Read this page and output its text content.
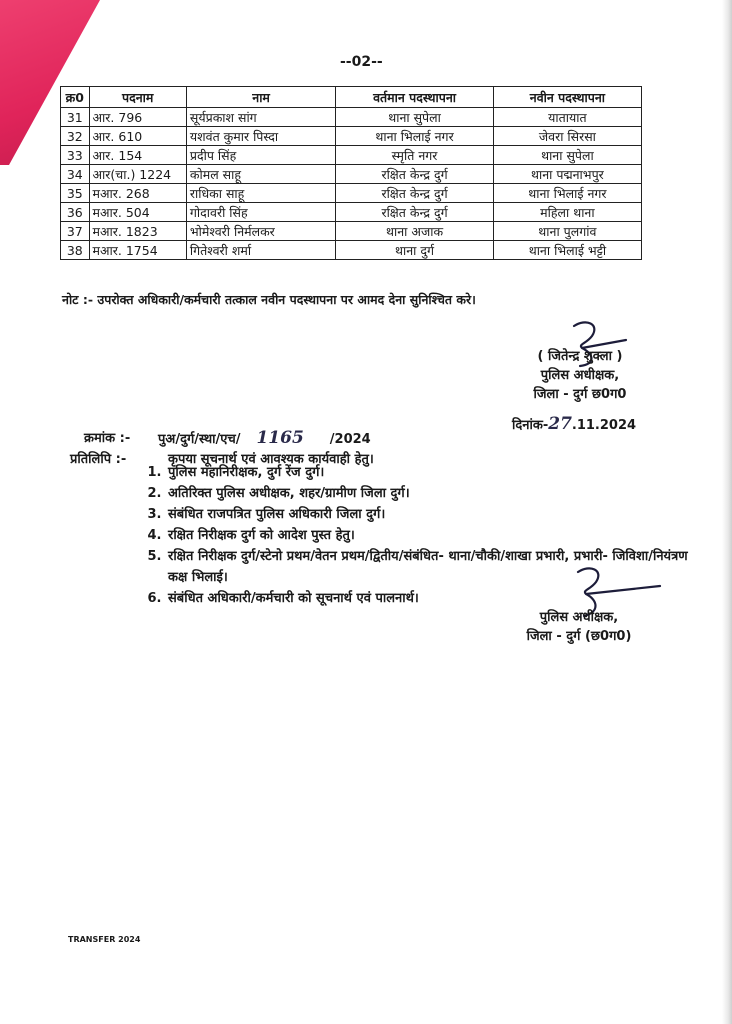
--02--
क्र0	पदनाम	नाम	वर्तमान पदस्थापना	नवीन पदस्थापना
31	आर. 796	सूर्यप्रकाश सांग	थाना सुपेला	यातायात
32	आर. 610	यशवंत कुमार पिस्दा	थाना भिलाई नगर	जेवरा सिरसा
33	आर. 154	प्रदीप सिंह	स्मृति नगर	थाना सुपेला
34	आर(चा.) 1224	कोमल साहू	रक्षित केन्द्र दुर्ग	थाना पद्मनाभपुर
35	मआर. 268	राधिका साहू	रक्षित केन्द्र दुर्ग	थाना भिलाई नगर
36	मआर. 504	गोदावरी सिंह	रक्षित केन्द्र दुर्ग	महिला थाना
37	मआर. 1823	भोमेश्वरी निर्मलकर	थाना अजाक	थाना पुलगांव
38	मआर. 1754	गितेश्वरी शर्मा	थाना दुर्ग	थाना भिलाई भट्टी
नोट :- उपरोक्त अधिकारी/कर्मचारी तत्काल नवीन पदस्थापना पर आमद देना सुनिश्चित करे।
( जितेन्द्र शुक्ला )
पुलिस अधीक्षक,
जिला - दुर्ग छ0ग0
दिनांक-27.11.2024
क्रमांक :- पुअ/दुर्ग/स्था/एच/ 1165 /2024
प्रतिलिपि :-	कृपया सूचनार्थ एवं आवश्यक कार्यवाही हेतु।
1. पुलिस महानिरीक्षक, दुर्ग रेंज दुर्ग।
2. अतिरिक्त पुलिस अधीक्षक, शहर/ग्रामीण जिला दुर्ग।
3. संबंधित राजपत्रित पुलिस अधिकारी जिला दुर्ग।
4. रक्षित निरीक्षक दुर्ग को आदेश पुस्त हेतु।
5. रक्षित निरीक्षक दुर्ग/स्टेनो प्रथम/वेतन प्रथम/द्वितीय/संबंधित- थाना/चौकी/शाखा प्रभारी, प्रभारी- जिविशा/नियंत्रण कक्ष भिलाई।
6. संबंधित अधिकारी/कर्मचारी को सूचनार्थ एवं पालनार्थ।
पुलिस अधीक्षक,
जिला - दुर्ग (छ0ग0)
TRANSFER 2024
